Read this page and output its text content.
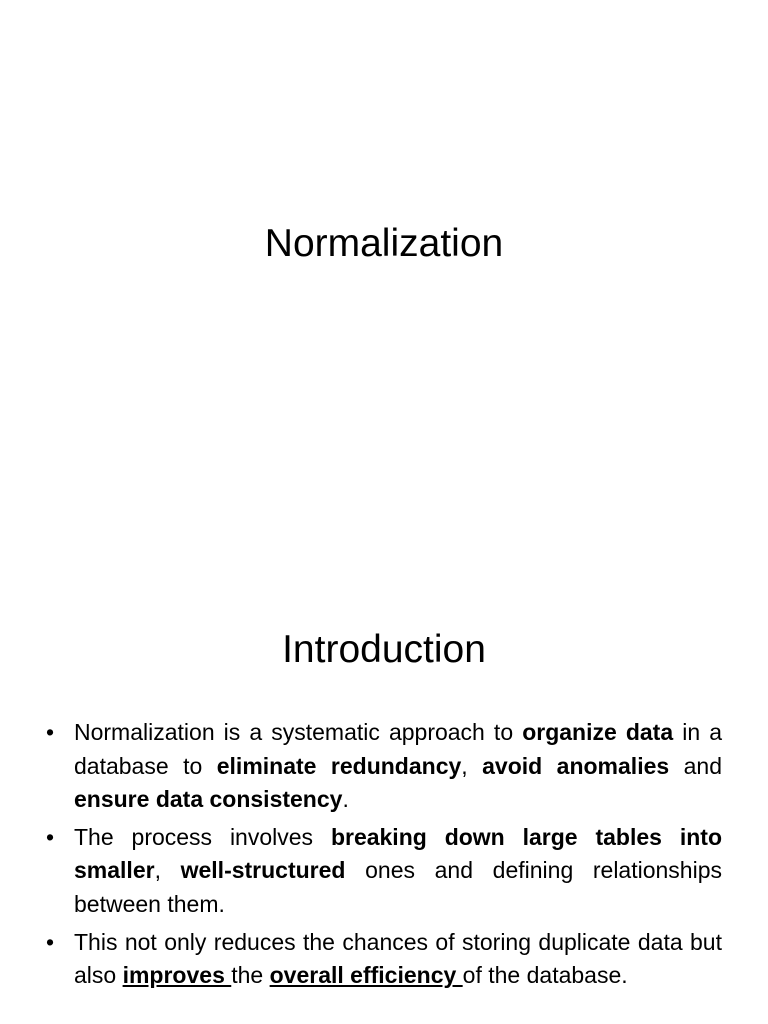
Normalization
Introduction
• Normalization is a systematic approach to organize data in a database to eliminate redundancy, avoid anomalies and ensure data consistency.
• The process involves breaking down large tables into smaller, well-structured ones and defining relationships between them.
• This not only reduces the chances of storing duplicate data but also improves the overall efficiency of the database.
